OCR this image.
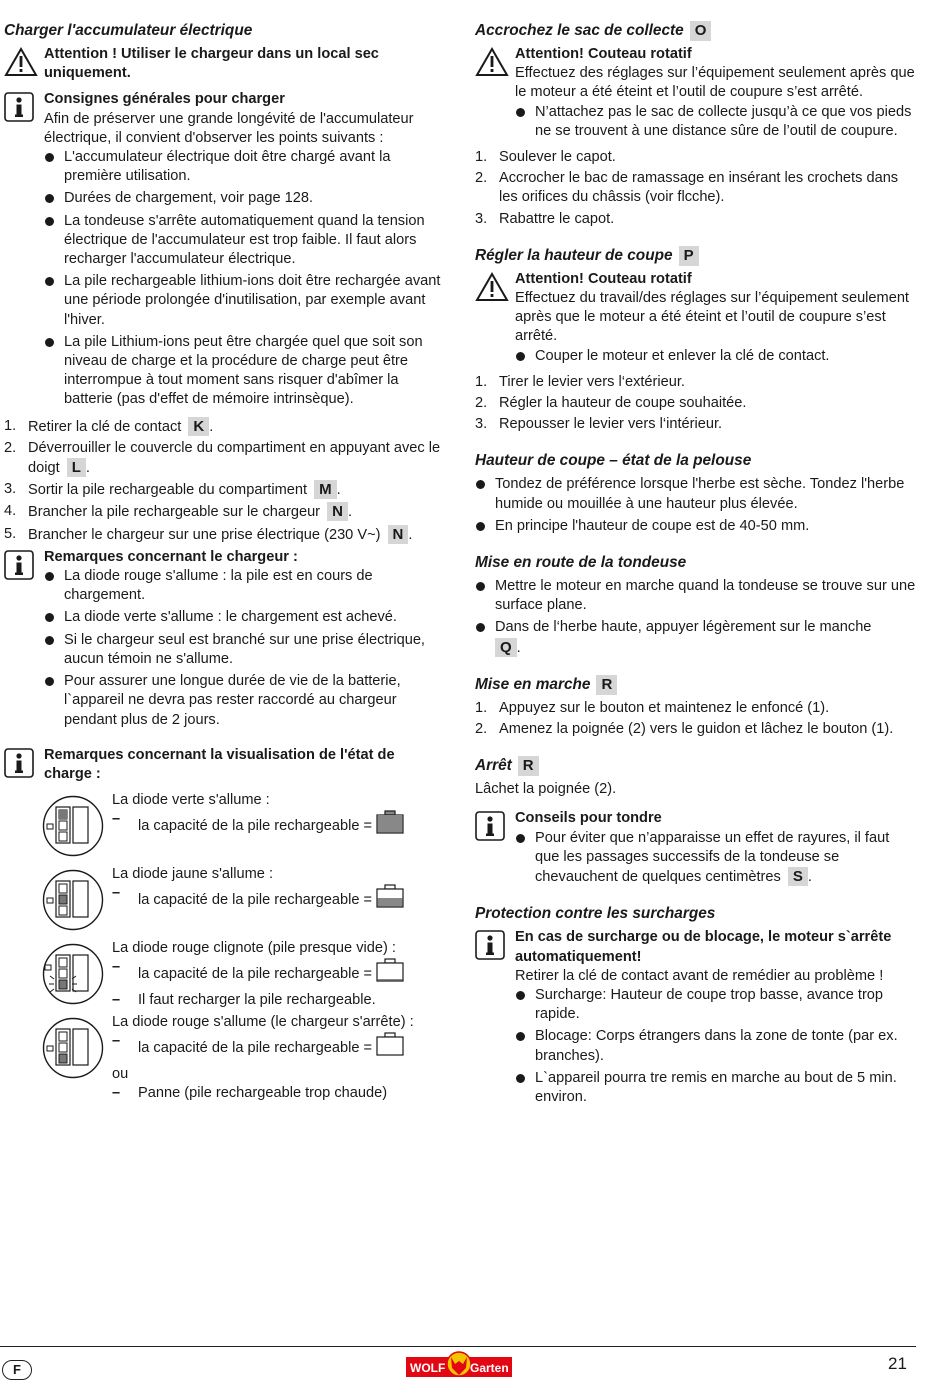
Charger l'accumulateur électrique
Attention ! Utiliser le chargeur dans un local sec uniquement.
Consignes générales pour charger
Afin de préserver une grande longévité de l'accumulateur électrique, il convient d'observer les points suivants :
L'accumulateur électrique doit être chargé avant la première utilisation.
Durées de chargement, voir page 128.
La tondeuse s'arrête automatiquement quand la tension électrique de l'accumulateur est trop faible. Il faut alors recharger l'accumulateur électrique.
La pile rechargeable lithium-ions doit être rechargée avant une période prolongée d'inutilisation, par exemple avant l'hiver.
La pile Lithium-ions peut être chargée quel que soit son niveau de charge et la procédure de charge peut être interrompue à tout moment sans risquer d'abîmer la batterie (pas d'effet de mémoire intrinsèque).
1. Retirer la clé de contact K .
2. Déverrouiller le couvercle du compartiment en appuyant avec le doigt L .
3. Sortir la pile rechargeable du compartiment M .
4. Brancher la pile rechargeable sur le chargeur N .
5. Brancher le chargeur sur une prise électrique (230 V~) N .
Remarques concernant le chargeur :
La diode rouge s'allume : la pile est en cours de chargement.
La diode verte s'allume : le chargement est achevé.
Si le chargeur seul est branché sur une prise électrique, aucun témoin ne s'allume.
Pour assurer une longue durée de vie de la batterie, l`appareil ne devra pas rester raccordé au chargeur pendant plus de 2 jours.
Remarques concernant la visualisation de l'état de charge :
La diode verte s'allume :
– la capacité de la pile rechargeable =
La diode jaune s'allume :
– la capacité de la pile rechargeable =
La diode rouge clignote (pile presque vide) :
– la capacité de la pile rechargeable =
– Il faut recharger la pile rechargeable.
La diode rouge s'allume (le chargeur s'arrête) :
– la capacité de la pile rechargeable =
ou
– Panne (pile rechargeable trop chaude)
Accrochez le sac de collecte O
Attention! Couteau rotatif
Effectuez des réglages sur l’équipement seulement après que le moteur a été éteint et l’outil de coupure s’est arrêté.
N’attachez pas le sac de collecte jusqu’à ce que vos pieds ne se trouvent à une distance sûre de l’outil de coupure.
1. Soulever le capot.
2. Accrocher le bac de ramassage en insérant les crochets dans les orifices du châssis (voir flcche).
3. Rabattre le capot.
Régler la hauteur de coupe P
Attention! Couteau rotatif
Effectuez du travail/des réglages sur l’équipement seulement après que le moteur a été éteint et l’outil de coupure s’est arrêté.
Couper le moteur et enlever la clé de contact.
1. Tirer le levier vers l‘extérieur.
2. Régler la hauteur de coupe souhaitée.
3. Repousser le levier vers l‘intérieur.
Hauteur de coupe – état de la pelouse
Tondez de préférence lorsque l'herbe est sèche. Tondez l'herbe humide ou mouillée à une hauteur plus élevée.
En principe l'hauteur de coupe est de 40-50 mm.
Mise en route de la tondeuse
Mettre le moteur en marche quand la tondeuse se trouve sur une surface plane.
Dans de l‘herbe haute, appuyer légèrement sur le manche
Q .
Mise en marche R
1. Appuyez sur le bouton et maintenez le enfoncé (1).
2. Amenez la poignée (2) vers le guidon et lâchez le bouton (1).
Arrêt R
Lâchet la poignée (2).
Conseils pour tondre
Pour éviter que n’apparaisse un effet de rayures, il faut que les passages successifs de la tondeuse se chevauchent de quelques centimètres S .
Protection contre les surcharges
En cas de surcharge ou de blocage, le moteur s`arrête automatiquement!
Retirer la clé de contact avant de remédier au problème !
Surcharge: Hauteur de coupe trop basse, avance trop rapide.
Blocage: Corps étrangers dans la zone de tonte (par ex. branches).
L`appareil pourra tre remis en marche au bout de 5 min. environ.
F	WOLF Garten	21
